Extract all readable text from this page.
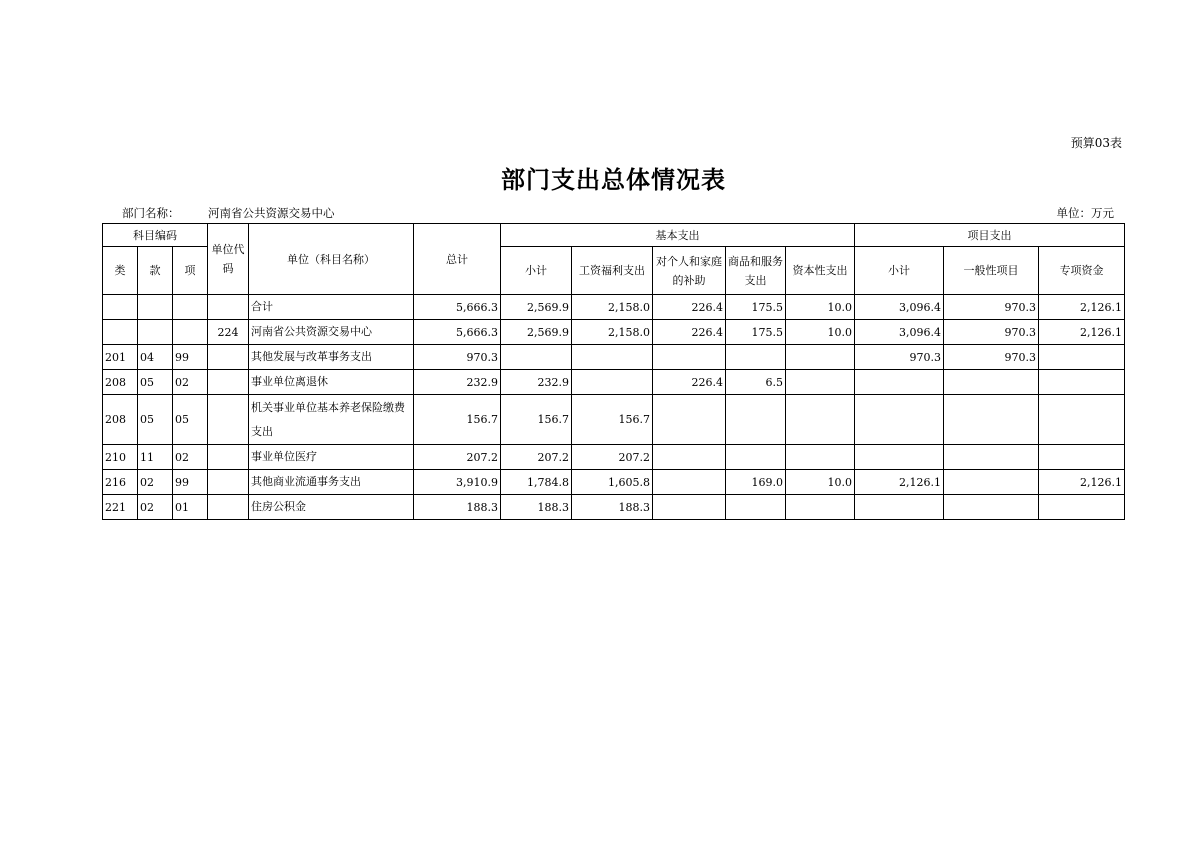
预算03表
部门支出总体情况表
部门名称： 河南省公共资源交易中心	单位：万元
科目编码			单位代码	单位（科目名称）	总计	基本支出					项目支出		
类	款	项				小计	工资福利支出	对个人和家庭的补助	商品和服务支出	资本性支出	小计	一般性项目	专项资金
				合计	5,666.3	2,569.9	2,158.0	226.4	175.5	10.0	3,096.4	970.3	2,126.1
			224	河南省公共资源交易中心	5,666.3	2,569.9	2,158.0	226.4	175.5	10.0	3,096.4	970.3	2,126.1
201	04	99		其他发展与改革事务支出	970.3						970.3	970.3	
208	05	02		事业单位离退休	232.9	232.9		226.4	6.5				
208	05	05		机关事业单位基本养老保险缴费支出	156.7	156.7	156.7						
210	11	02		事业单位医疗	207.2	207.2	207.2						
216	02	99		其他商业流通事务支出	3,910.9	1,784.8	1,605.8		169.0	10.0	2,126.1		2,126.1
221	02	01		住房公积金	188.3	188.3	188.3						
